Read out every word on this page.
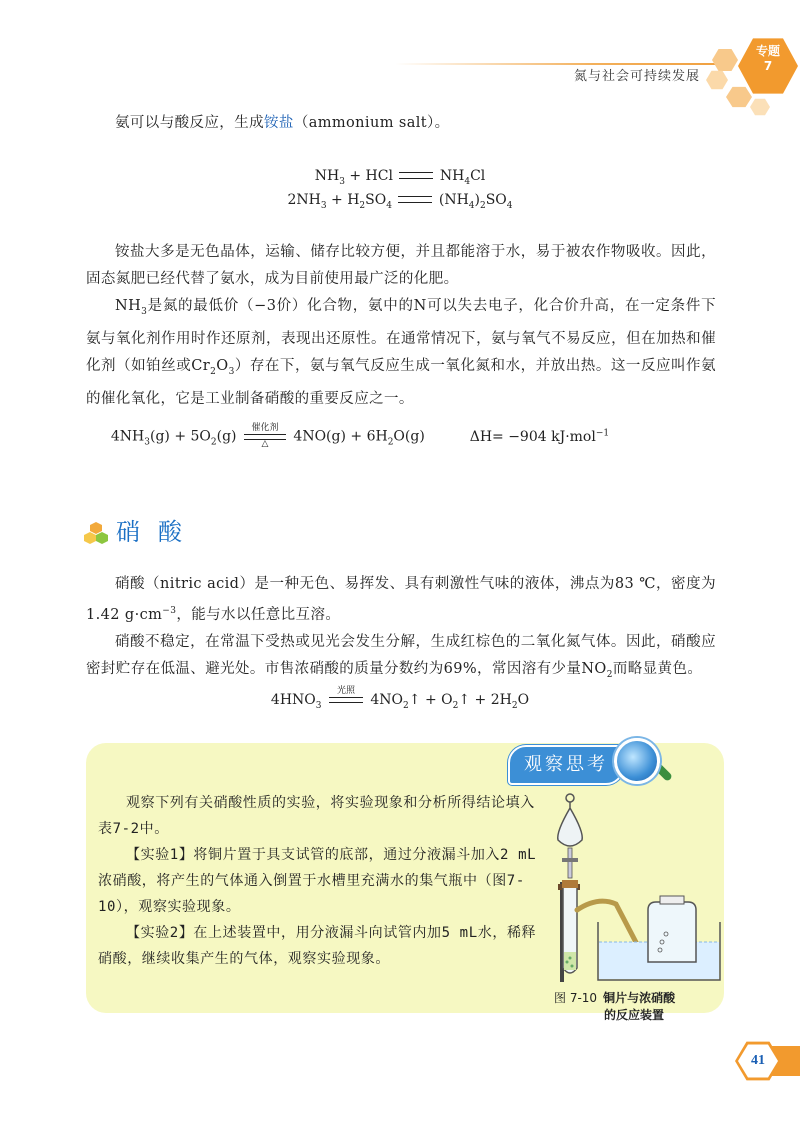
氮与社会可持续发展
专题
7

氨可以与酸反应，生成铵盐（ammonium salt）。

$NH_3$ + HCl	$NH_4Cl$
$2NH_3 + H_2SO_4$	$(NH_4)_2SO_4$

铵盐大多是无色晶体，运输、储存比较方便，并且都能溶于水，易于被农作物吸收。因此，固态氮肥已经代替了氨水，成为目前使用最广泛的化肥。

$NH_3$是氮的最低价（−3价）化合物，氨中的N可以失去电子，化合价升高，在一定条件下氨与氧化剂作用时作还原剂，表现出还原性。在通常情况下，氨与氧气不易反应，但在加热和催化剂（如铂丝或$Cr_2O_3$）存在下，氨与氧气反应生成一氧化氮和水，并放出热。这一反应叫作氨的催化氧化，它是工业制备硝酸的重要反应之一。

$4NH_3(g) + 5O_2(g)$
催化剂
△	$4NO(g) + 6H_2O(g)$	ΔH= −904 kJ·mol$^{-1}$
硝酸

硝酸（nitric acid）是一种无色、易挥发、具有刺激性气味的液体，沸点为83 ℃，密度为1.42 $g\cdot cm^{-3}$，能与水以任意比互溶。

硝酸不稳定，在常温下受热或见光会发生分解，生成红棕色的二氧化氮气体。因此，硝酸应密封贮存在低温、避光处。市售浓硝酸的质量分数约为69%，常因溶有少量$NO_2$而略显黄色。

$4HNO_3$
光照
$4NO_2↑$ + $O_2↑ + 2H_2O$
观察思考

观察下列有关硝酸性质的实验，将实验现象和分析所得结论填入表7-2中。

【实验1】将铜片置于具支试管的底部，通过分液漏斗加入2 mL浓硝酸，将产生的气体通入倒置于水槽里充满水的集气瓶中（图7-10），观察实验现象。

【实验2】在上述装置中，用分液漏斗向试管内加5 mL水，稀释硝酸，继续收集产生的气体，观察实验现象。

图 7-10 铜片与浓硝酸
的反应装置
41
